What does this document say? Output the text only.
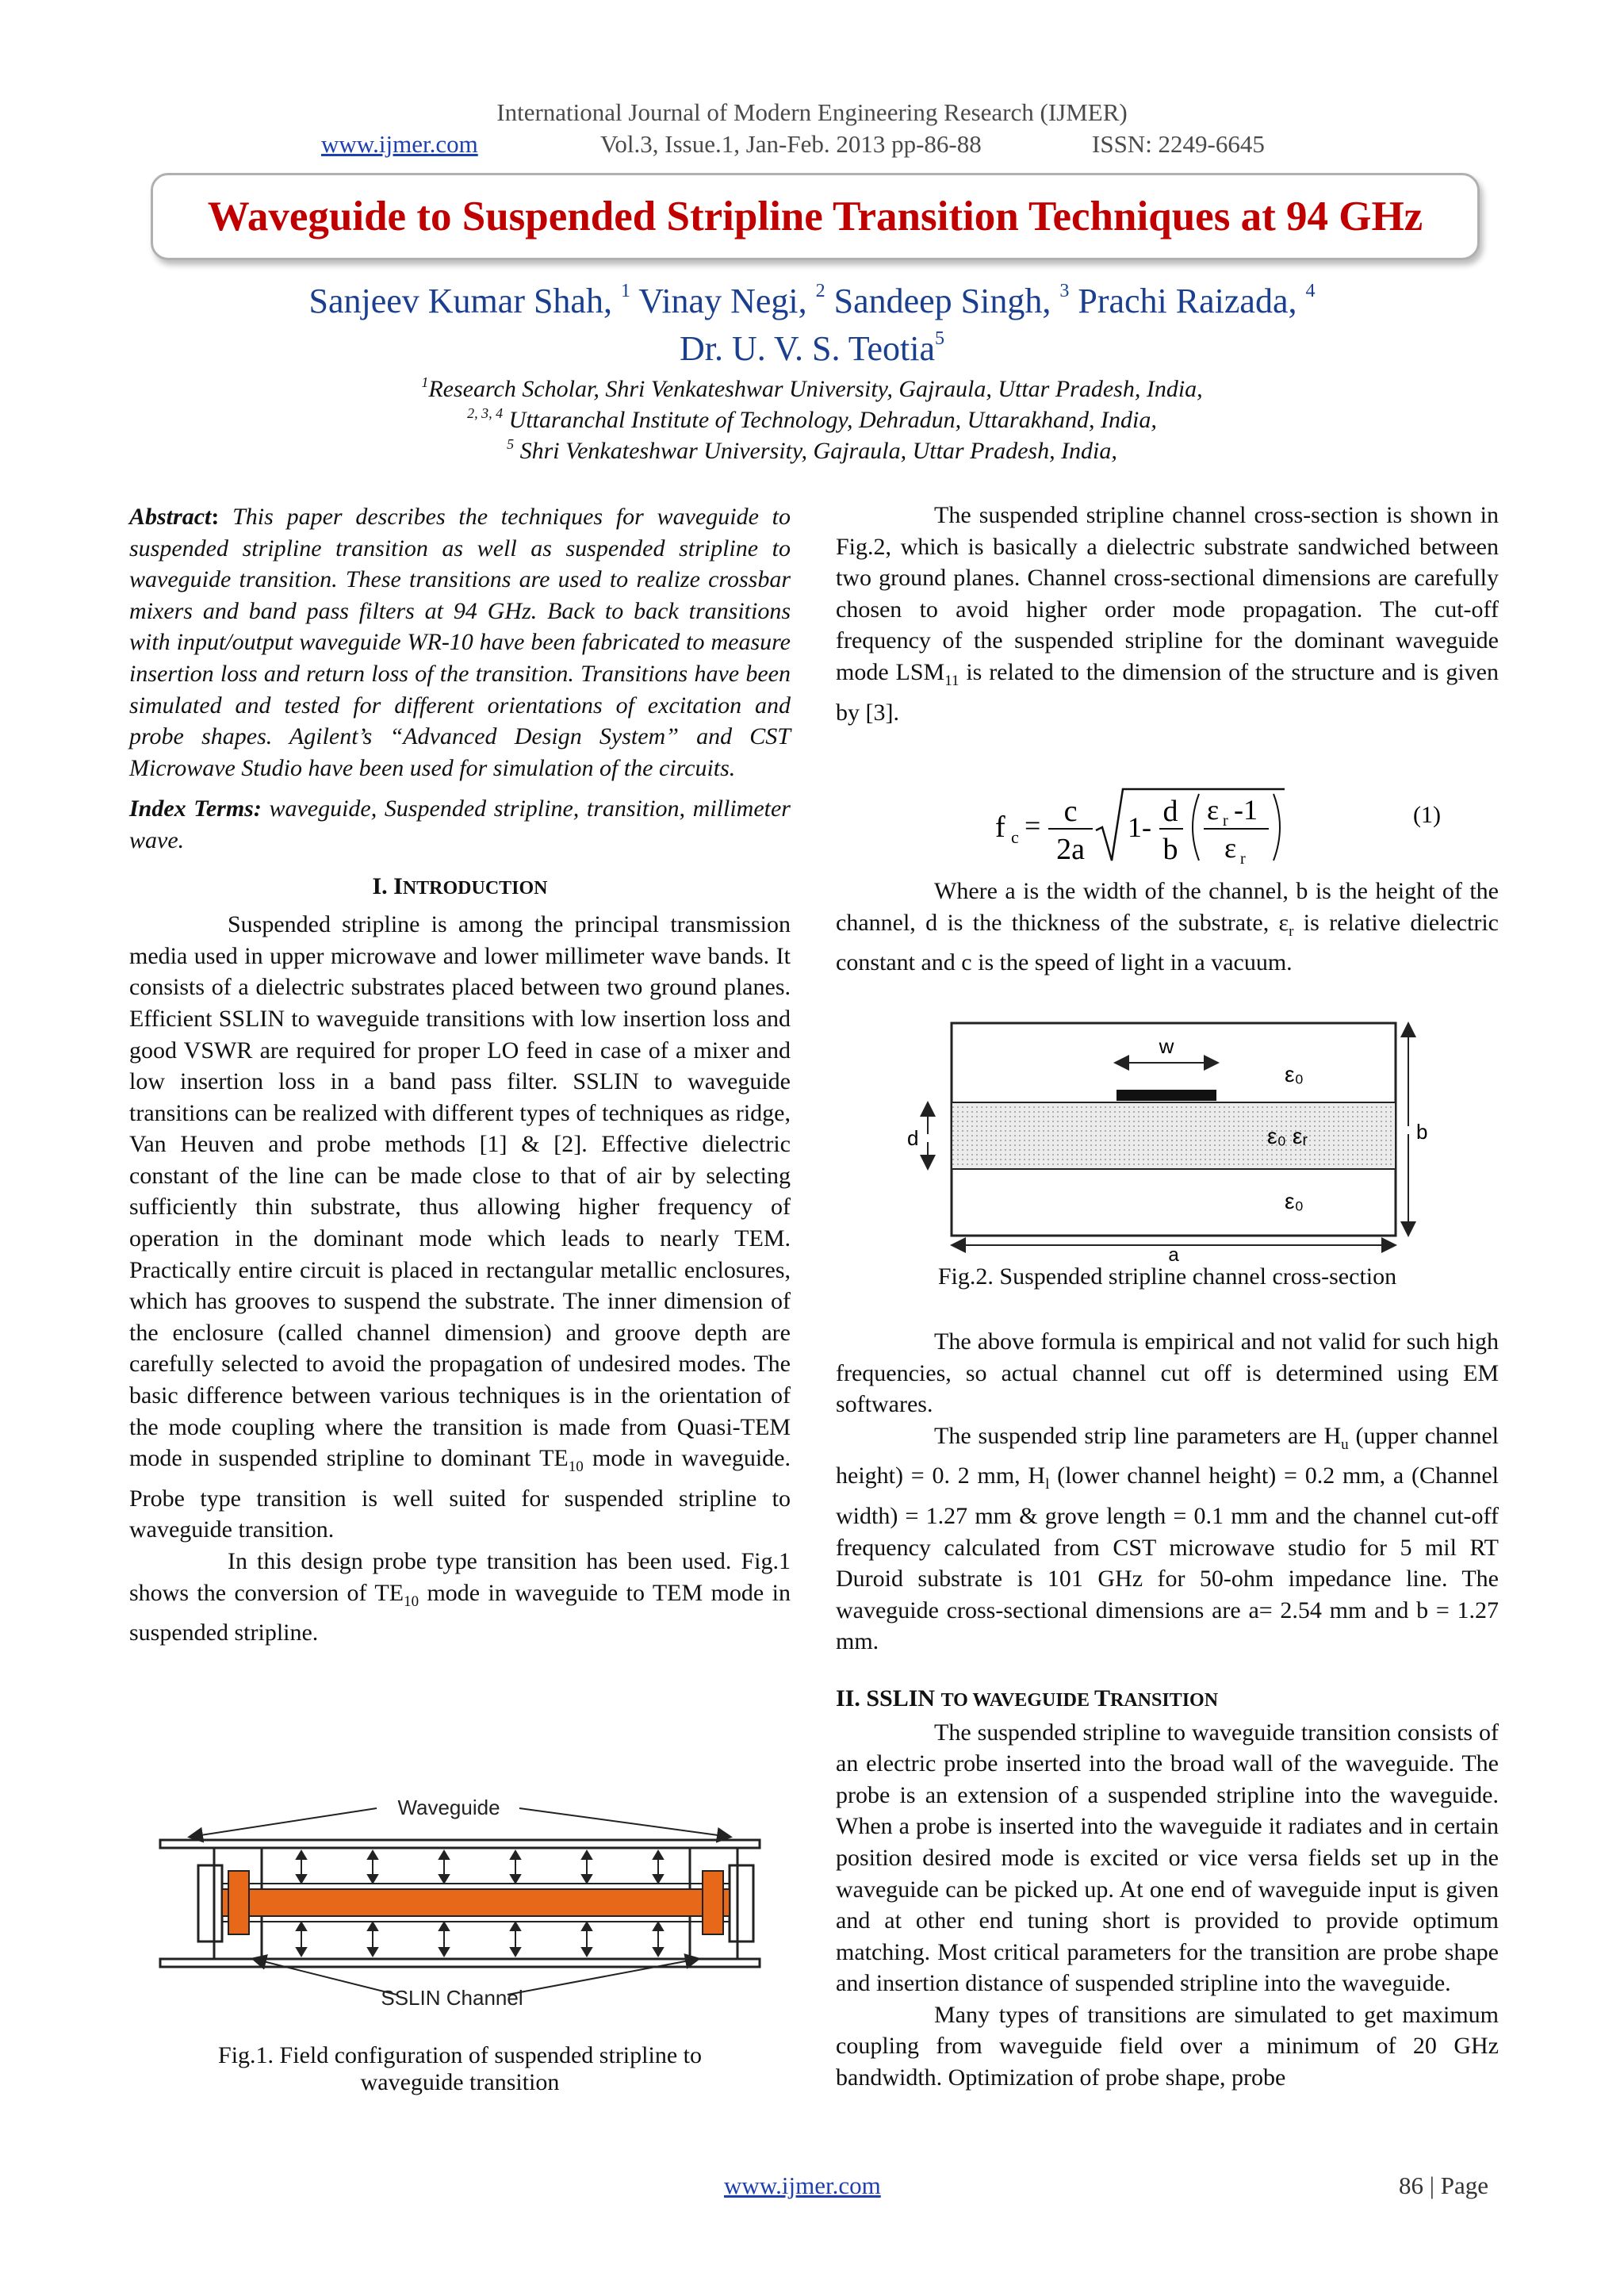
International Journal of Modern Engineering Research (IJMER)
www.ijmer.com	Vol.3, Issue.1, Jan-Feb. 2013 pp-86-88	ISSN: 2249-6645
Waveguide to Suspended Stripline Transition Techniques at 94 GHz
Sanjeev Kumar Shah, $^1$ Vinay Negi, $^2$ Sandeep Singh, $^3$ Prachi Raizada, $^4$
Dr. U. V. S. Teotia$^5$
$^1$Research Scholar, Shri Venkateshwar University, Gajraula, Uttar Pradesh, India,
$^{2, 3, 4}$ Uttaranchal Institute of Technology, Dehradun, Uttarakhand, India,
$^5$ Shri Venkateshwar University, Gajraula, Uttar Pradesh, India,

Abstract: This paper describes the techniques for waveguide to suspended stripline transition as well as suspended stripline to waveguide transition. These transitions are used to realize crossbar mixers and band pass filters at 94 GHz. Back to back transitions with input/output waveguide WR-10 have been fabricated to measure insertion loss and return loss of the transition. Transitions have been simulated and tested for different orientations of excitation and probe shapes. Agilent’s “Advanced Design System” and CST Microwave Studio have been used for simulation of the circuits.

Index Terms: waveguide, Suspended stripline, transition, millimeter wave.

I. INTRODUCTION

Suspended stripline is among the principal transmission media used in upper microwave and lower millimeter wave bands. It consists of a dielectric substrates placed between two ground planes. Efficient SSLIN to waveguide transitions with low insertion loss and good VSWR are required for proper LO feed in case of a mixer and low insertion loss in a band pass filter. SSLIN to waveguide transitions can be realized with different types of techniques as ridge, Van Heuven and probe methods [1] & [2]. Effective dielectric constant of the line can be made close to that of air by selecting sufficiently thin substrate, thus allowing higher frequency of operation in the dominant mode which leads to nearly TEM. Practically entire circuit is placed in rectangular metallic enclosures, which has grooves to suspend the substrate. The inner dimension of the enclosure (called channel dimension) and groove depth are carefully selected to avoid the propagation of undesired modes. The basic difference between various techniques is in the orientation of the mode coupling where the transition is made from Quasi-TEM mode in suspended stripline to dominant $TE_{10}$ mode in waveguide. Probe type transition is well suited for suspended stripline to waveguide transition.

In this design probe type transition has been used. Fig.1 shows the conversion of $TE_{10}$ mode in waveguide to TEM mode in suspended stripline.

Waveguide
SSLIN Channel
Fig.1. Field configuration of suspended stripline to
waveguide transition

The suspended stripline channel cross-section is shown in Fig.2, which is basically a dielectric substrate sandwiched between two ground planes. Channel cross-sectional dimensions are carefully chosen to avoid higher order mode propagation. The cut-off frequency of the suspended stripline for the dominant waveguide mode $LSM_{11}$ is related to the dimension of the structure and is given by [3].

f c = c
2a
1- d
b
ε r -1
ε r
(1)

Where a is the width of the channel, b is the height of the channel, d is the thickness of the substrate, $\varepsilon_r$ is relative dielectric constant and c is the speed of light in a vacuum.

w
ε₀
ε₀ εᵣ
ε₀
d	b
a
Fig.2. Suspended stripline channel cross-section

The above formula is empirical and not valid for such high frequencies, so actual channel cut off is determined using EM softwares.

The suspended strip line parameters are $H_u$ (upper channel height) = 0. 2 mm, $H_l$ (lower channel height) = 0.2 mm, a (Channel width) = 1.27 mm & grove length = 0.1 mm and the channel cut-off frequency calculated from CST microwave studio for 5 mil RT Duroid substrate is 101 GHz for 50-ohm impedance line. The waveguide cross-sectional dimensions are a= 2.54 mm and b = 1.27 mm.

II. SSLIN TO WAVEGUIDE TRANSITION

The suspended stripline to waveguide transition consists of an electric probe inserted into the broad wall of the waveguide. The probe is an extension of a suspended stripline into the waveguide. When a probe is inserted into the waveguide it radiates and in certain position desired mode is excited or vice versa fields set up in the waveguide can be picked up. At one end of waveguide input is given and at other end tuning short is provided to provide optimum matching. Most critical parameters for the transition are probe shape and insertion distance of suspended stripline into the waveguide.

Many types of transitions are simulated to get maximum coupling from waveguide field over a minimum of 20 GHz bandwidth. Optimization of probe shape, probe

www.ijmer.com	86 | Page
